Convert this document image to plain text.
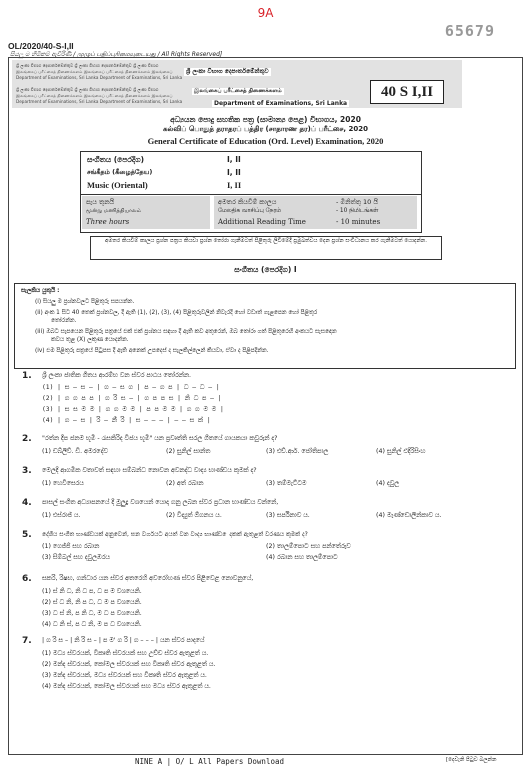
9A
65679
OL/2020/40-S-I,II
සියලු ම හිමිකම් ඇවිරිණි / முழுப் பதிப்புரிமையுடையது / All Rights Reserved]
ශ්‍රී ලංකා විභාග දෙපාර්තමේන්තුව ශ්‍රී ලංකා විභාග දෙපාර්තමේන්තුව ශ්‍රී ලංකා විභාග
இலங்கைப் பரீட்சைத் திணைக்களம் இலங்கைப் பரீட்சைத் திணைக்களம் இலங்கைப்
Department of Examinations, Sri Lanka Department of Examinations, Sri Lanka
ශ්‍රී ලංකා විභාග දෙපාර්තමේන්තුව ශ්‍රී ලංකා විභාග දෙපාර්තමේන්තුව ශ්‍රී ලංකා විභාග
இலங்கைப் பரீட்சைத் திணைக்களம் இலங்கைப் பரீட்சைத் திணைக்களம் இலங்கைப்
Department of Examinations, Sri Lanka Department of Examinations, Sri Lanka
ශ්‍රී ලංකා විභාග දෙපාර්තමේන්තුව
இலங்கைப் பரீட்சைத் திணைக்களம்
Department of Examinations, Sri Lanka
40 S I,II
අධ්‍යයන පොදු සහතික පත්‍ර (සාමාන්‍ය පෙළ) විභාගය, 2020
கல்விப் பொதுத் தராதரப் பத்திர (சாதாரண தர)ப் பரீட்சை, 2020
General Certificate of Education (Ord. Level) Examination, 2020
සංගීතය (පෙරදිග)	I, II
சங்கீதம் (கீழைத்தேய)	I, II
Music (Oriental)	I, II
පැය තුනයි
மூன்று மணித்தியாலம்
Three hours
අමතර කියවීම් කාලය	- මිනිත්තු 10 යි
மேலதிக வாசிப்பு நேரம்	- 10 நிமிடங்கள்
Additional Reading Time	- 10 minutes
අමතර කියවීම් කාලය ප්‍රශ්න පත්‍රය කියවා ප්‍රශ්න තෝරා ගැනීමටත් පිළිතුරු ලිවීමේදී ප්‍රමුඛත්වය දෙන ප්‍රශ්න සංවිධානය කර ගැනීමටත් යොදන්න.
සංගීතය (පෙරදිග) I
සැලකිය යුතුයි :
(i) සියලු ම ප්‍රශ්නවලට පිළිතුරු සපයන්න.
(ii) අංක 1 සිට 40 තෙක් ප්‍රශ්නවල, දී ඇති (1), (2), (3), (4) පිළිතුරුවලින් නිවැරදි හෝ වඩාත් ගැළපෙන හෝ පිළිතුර
තෝරන්න.
(iii) ඔබට සැපයෙන පිළිතුරු පත්‍රයේ එක් එක් ප්‍රශ්නය සඳහා දී ඇති කව අතුරෙන්, ඔබ තෝරා ගත් පිළිතුරෙහි අංකයට සැසඳෙන
කවය තුළ (X) ලකුණ යොදන්න.
(iv) එම පිළිතුරු පත්‍රයේ පිටුපස දී ඇති අනෙක් උපදෙස් ද සැලකිල්ලෙන් කියවා, ඒවා ද පිළිපදින්න.
1. ශ්‍රී ලංකා ජාතික ගීතය ආරම්භ වන ස්වර පාඨය තෝරන්න.
(1) | ස – ස – | ග – ස ග | ප – ග ප | ධ – ධ – |
(2) | ග ග ප ප | ග රි ස – | ග ප ප ස | නි ධ ප – |
(3) | ස ස ම ම | ග ග ම ම | ප ප ම ම | ග ග ම ම |
(4) | ග – ස | රි – නි් රි | ස – – – | – – ස ක් |
2. "රත්න දීප ජනම භූමි - රැසකිරිද විජය භූමි" යන ප්‍රවෘත්ති සරල ගීතයේ ගායකයා කවුරුන් ද?
(1) ඩබ්ලිව්. ඩී. අමරදේව	(2) සුනිල් සාන්ත	(3) එච්.ආර්. ජෝතිපාල	(4) සුනිල් එදිරිසිංහ
3. මෙලදි ආගමික වතාවත් සඳහා සම්බන්ධ නොවන අවනද්ධ වාද්‍ය භාණ්ඩය කුමක් ද?
(1) හෙවිසෙරය	(2) අත් රබාන	(3) තම්මැට්ටම	(4) දවුල
4. පාසල් සංගීත අධ්‍යාපනයේ දී මුලුදු වශයෙන් යොදා ගනු ලබන ස්වර ප්‍රධාන භාණ්ඩය වන්නේ,
(1) එස්රාජ් ය.	(2) විද්‍යුත් ඕගනය ය.	(3) සර්පිනාව ය.	(4) මැණ්ඩොලින්කාව ය.
5. දේශීය සංගීත භාණ්ඩයක් අනුවෙන්, ඝන වර්ගයට අයත් වන වාද්‍ය භාණ්ඩ ෙදකක් ඇතුළත් වරණය කුමක් ද?
(1) ගෙජ්ජි සහ රබාන	(2) තාලම්පොට සහ පන්තේරුව
(3) සිම්බල් සහ දවුලඹරය	(4) රබාන සහ තාලම්පොට
6. සකරි, රිෂභ, ගන්ධාර යන ස්වර අතරෙහි අවරෝහණ ස්වර පිළිවෙළ නොවනුයේ,
(1) ස් නි ධ, නි ධ ප, ධ ප ම වශයෙනි.
(2) ස් ධ නි, නි ප ධ, ධ ම ප වශයෙනි.
(3) ධ ස් නි, ප නි ධ, ම ධ ප වශයෙනි.
(4) ධ නි ස්, ප ධ නි, ම ප ධ වශයෙනි.
7. | ග රි ස – | නි රි ස – | ප ම' ග රි | ග – – – | යන ස්වර පාදයේ
(1) මධ්‍ය ස්වරයක්, විකෘති ස්වරයක් සහ උච්ච ස්වර ඇතුළත් ය.
(2) මන්ද ස්වරයක්, කෝමල ස්වරයක් සහ විකෘති ස්වර ඇතුළත් ය.
(3) මන්ද ස්වරයක්, මධ්‍ය ස්වරයක් සහ විකෘති ස්වර ඇතුළත් ය.
(4) මන්ද ස්වරයක්, කෝමල ස්වරයක් සහ මධ්‍ය ස්වර ඇතුළත් ය.
NINE A | O/ L All Papers Download	[දෙවැනි පිටුව බලන්න
